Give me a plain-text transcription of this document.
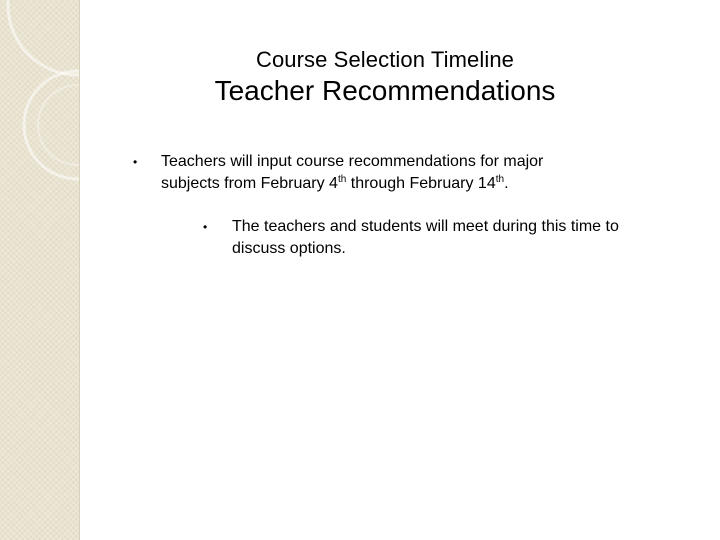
Course Selection Timeline
Teacher Recommendations
• Teachers will input course recommendations for major subjects from February 4th through February 14th.
• The teachers and students will meet during this time to discuss options.
